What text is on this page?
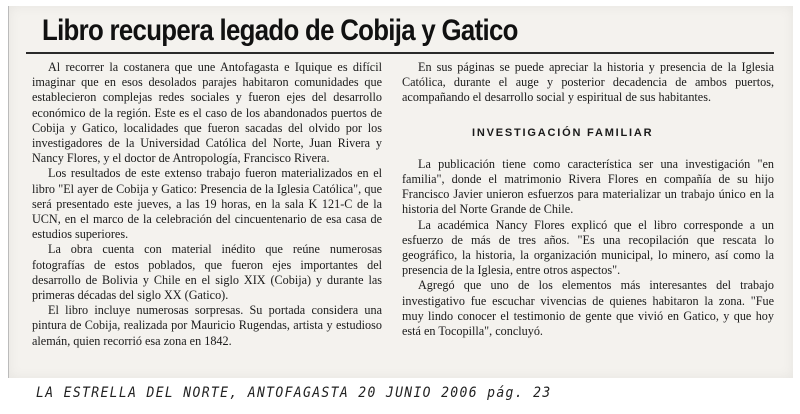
Libro recupera legado de Cobija y Gatico

Al recorrer la costanera que une Antofagasta e Iquique es difícil imaginar que en esos desolados parajes habitaron comunidades que establecieron complejas redes sociales y fueron ejes del desarrollo económico de la región. Este es el caso de los abandonados puertos de Cobija y Gatico, localidades que fueron sacadas del olvido por los investigadores de la Universidad Católica del Norte, Juan Rivera y Nancy Flores, y el doctor de Antropología, Francisco Rivera.

Los resultados de este extenso trabajo fueron materializados en el libro "El ayer de Cobija y Gatico: Presencia de la Iglesia Católica", que será presentado este jueves, a las 19 horas, en la sala K 121-C de la UCN, en el marco de la celebración del cincuentenario de esa casa de estudios superiores.

La obra cuenta con material inédito que reúne numerosas fotografías de estos poblados, que fueron ejes importantes del desarrollo de Bolivia y Chile en el siglo XIX (Cobija) y durante las primeras décadas del siglo XX (Gatico).

El libro incluye numerosas sorpresas. Su portada considera una pintura de Cobija, realizada por Mauricio Rugendas, artista y estudioso alemán, quien recorrió esa zona en 1842.

En sus páginas se puede apreciar la historia y presencia de la Iglesia Católica, durante el auge y posterior decadencia de ambos puertos, acompañando el desarrollo social y espiritual de sus habitantes.

INVESTIGACIÓN FAMILIAR

La publicación tiene como característica ser una investigación "en familia", donde el matrimonio Rivera Flores en compañía de su hijo Francisco Javier unieron esfuerzos para materializar un trabajo único en la historia del Norte Grande de Chile.

La académica Nancy Flores explicó que el libro corresponde a un esfuerzo de más de tres años. "Es una recopilación que rescata lo geográfico, la historia, la organización municipal, lo minero, así como la presencia de la Iglesia, entre otros aspectos".

Agregó que uno de los elementos más interesantes del trabajo investigativo fue escuchar vivencias de quienes habitaron la zona. "Fue muy lindo conocer el testimonio de gente que vivió en Gatico, y que hoy está en Tocopilla", concluyó.

LA ESTRELLA DEL NORTE, ANTOFAGASTA 20 JUNIO 2006 pág. 23
